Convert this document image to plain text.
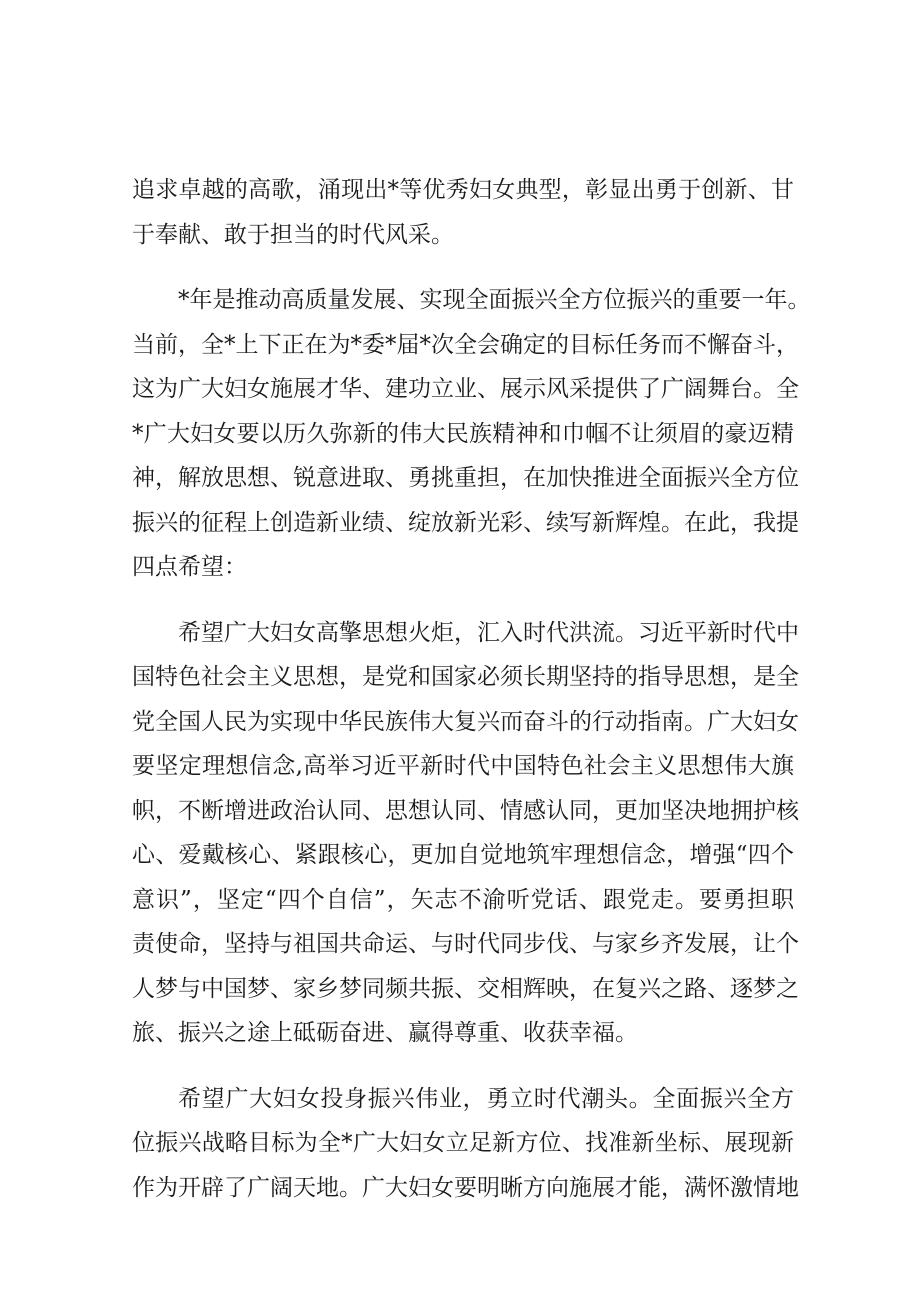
追求卓越的高歌，涌现出*等优秀妇女典型，彰显出勇于创新、甘
于奉献、敢于担当的时代风采。
*年是推动高质量发展、实现全面振兴全方位振兴的重要一年。
当前，全*上下正在为*委*届*次全会确定的目标任务而不懈奋斗，
这为广大妇女施展才华、建功立业、展示风采提供了广阔舞台。全
*广大妇女要以历久弥新的伟大民族精神和巾帼不让须眉的豪迈精
神，解放思想、锐意进取、勇挑重担，在加快推进全面振兴全方位
振兴的征程上创造新业绩、绽放新光彩、续写新辉煌。在此，我提
四点希望：
希望广大妇女高擎思想火炬，汇入时代洪流。习近平新时代中
国特色社会主义思想，是党和国家必须长期坚持的指导思想，是全
党全国人民为实现中华民族伟大复兴而奋斗的行动指南。广大妇女
要坚定理想信念,高举习近平新时代中国特色社会主义思想伟大旗
帜，不断增进政治认同、思想认同、情感认同，更加坚决地拥护核
心、爱戴核心、紧跟核心，更加自觉地筑牢理想信念，增强“四个
意识”，坚定“四个自信”，矢志不渝听党话、跟党走。要勇担职
责使命，坚持与祖国共命运、与时代同步伐、与家乡齐发展，让个
人梦与中国梦、家乡梦同频共振、交相辉映，在复兴之路、逐梦之
旅、振兴之途上砥砺奋进、赢得尊重、收获幸福。
希望广大妇女投身振兴伟业，勇立时代潮头。全面振兴全方
位振兴战略目标为全*广大妇女立足新方位、找准新坐标、展现新
作为开辟了广阔天地。广大妇女要明晰方向施展才能，满怀激情地
